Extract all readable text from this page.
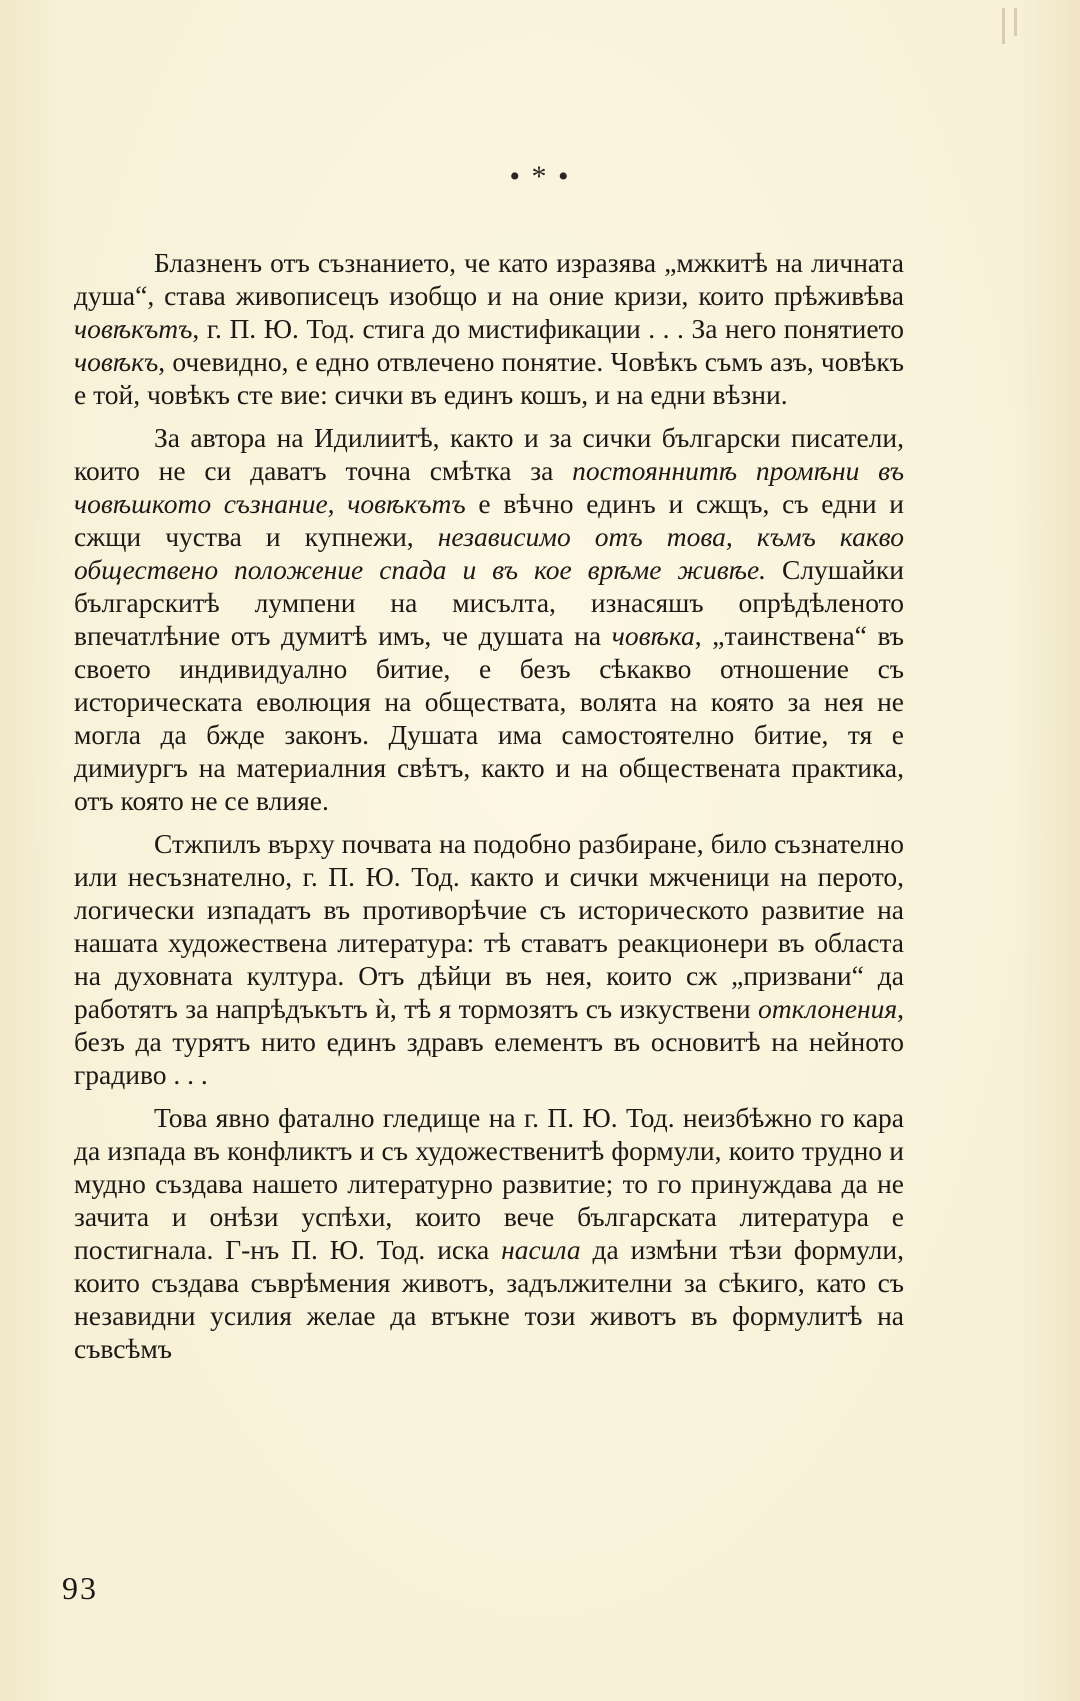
• * •

Блазненъ отъ съзнанието, че като изразява „мжкитѣ на личната душа“, става живописецъ изобщо и на оние кризи, които прѣживѣва човѣкътъ, г. П. Ю. Тод. стига до мистификации . . . За него понятието човѣкъ, очевидно, е едно отвлечено понятие. Човѣкъ съмъ азъ, човѣкъ е той, човѣкъ сте вие: сички въ единъ кошъ, и на едни вѣзни.

За автора на Идилиитѣ, както и за сички български писатели, които не си даватъ точна смѣтка за постояннитѣ промѣни въ човѣшкото съзнание, човѣкътъ е вѣчно единъ и сжщъ, съ едни и сжщи чуства и купнежи, независимо отъ това, къмъ какво обществено положение спада и въ кое врѣме живѣе. Слушайки българскитѣ лумпени на мисълта, изнасяшъ опрѣдѣленото впечатлѣние отъ думитѣ имъ, че душата на човѣка, „таинствена“ въ своето индивидуално битие, е безъ сѣкакво отношение съ историческата еволюция на обществата, волята на която за нея не могла да бжде законъ. Душата има самостоятелно битие, тя е димиургъ на материалния свѣтъ, както и на обществената практика, отъ която не се влияе.

Стжпилъ върху почвата на подобно разбиране, било съзнателно или несъзнателно, г. П. Ю. Тод. както и сички мжченици на перото, логически изпадатъ въ противорѣчие съ историческото развитие на нашата художествена литература: тѣ ставатъ реакционери въ областа на духовната култура. Отъ дѣйци въ нея, които сж „призвани“ да работятъ за напрѣдъкътъ ѝ, тѣ я тормозятъ съ изкуствени отклонения, безъ да турятъ нито единъ здравъ елементъ въ основитѣ на нейното градиво . . .

Това явно фатално гледище на г. П. Ю. Тод. неизбѣжно го кара да изпада въ конфликтъ и съ художественитѣ формули, които трудно и мудно създава нашето литературно развитие; то го принуждава да не зачита и онѣзи успѣхи, които вече българската литература е постигнала. Г-нъ П. Ю. Тод. иска насила да измѣни тѣзи формули, които създава съврѣмения животъ, задължителни за сѣкиго, като съ незавидни усилия желае да втъкне този животъ въ формулитѣ на съвсѣмъ

93
